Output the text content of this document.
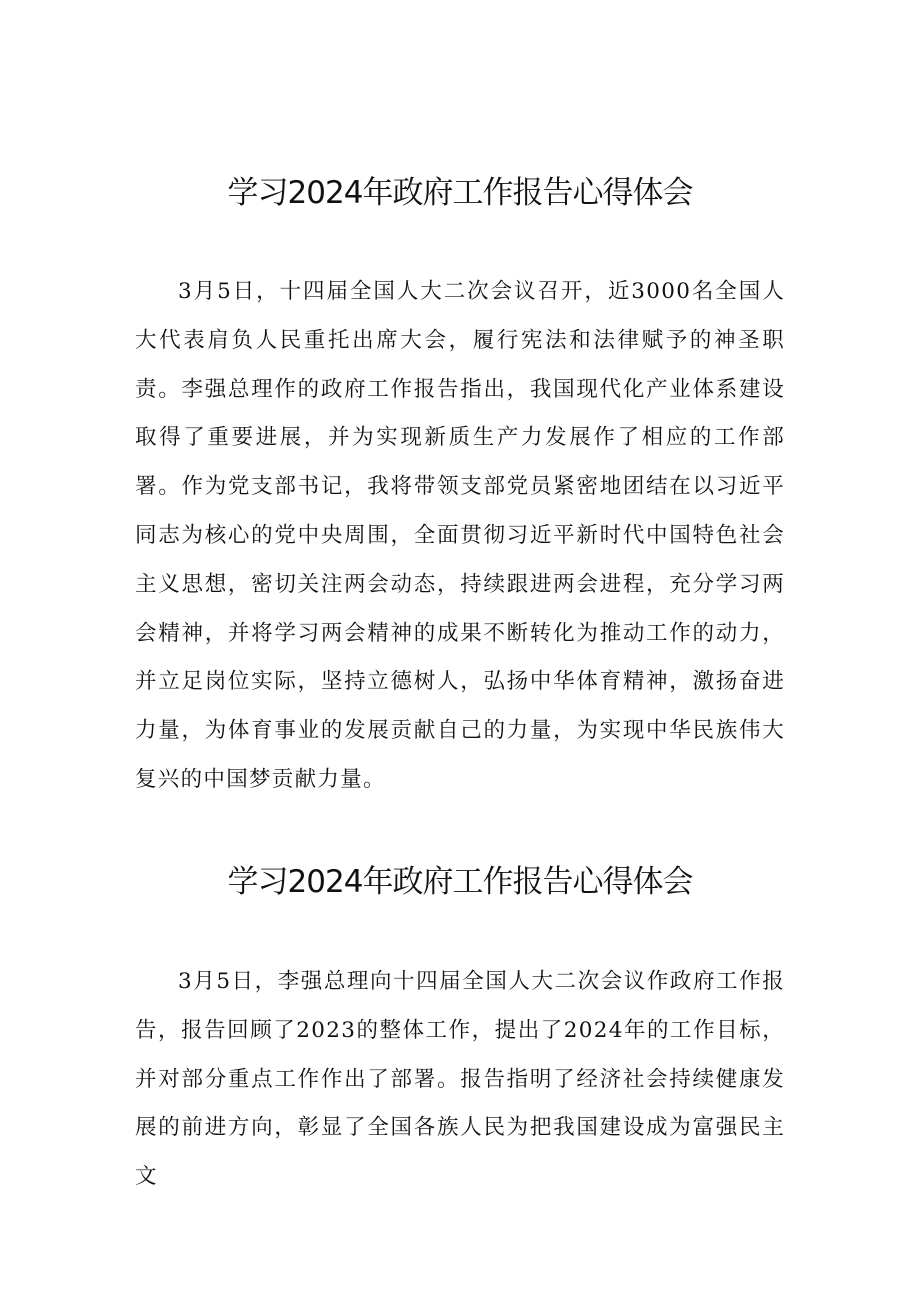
学习2024年政府工作报告心得体会

3月5日，十四届全国人大二次会议召开，近3000名全国人大代表肩负人民重托出席大会，履行宪法和法律赋予的神圣职责。李强总理作的政府工作报告指出，我国现代化产业体系建设取得了重要进展，并为实现新质生产力发展作了相应的工作部署。作为党支部书记，我将带领支部党员紧密地团结在以习近平同志为核心的党中央周围，全面贯彻习近平新时代中国特色社会主义思想，密切关注两会动态，持续跟进两会进程，充分学习两会精神，并将学习两会精神的成果不断转化为推动工作的动力，并立足岗位实际，坚持立德树人，弘扬中华体育精神，激扬奋进力量，为体育事业的发展贡献自己的力量，为实现中华民族伟大复兴的中国梦贡献力量。

学习2024年政府工作报告心得体会

3月5日，李强总理向十四届全国人大二次会议作政府工作报告，报告回顾了2023的整体工作，提出了2024年的工作目标，并对部分重点工作作出了部署。报告指明了经济社会持续健康发展的前进方向，彰显了全国各族人民为把我国建设成为富强民主文
